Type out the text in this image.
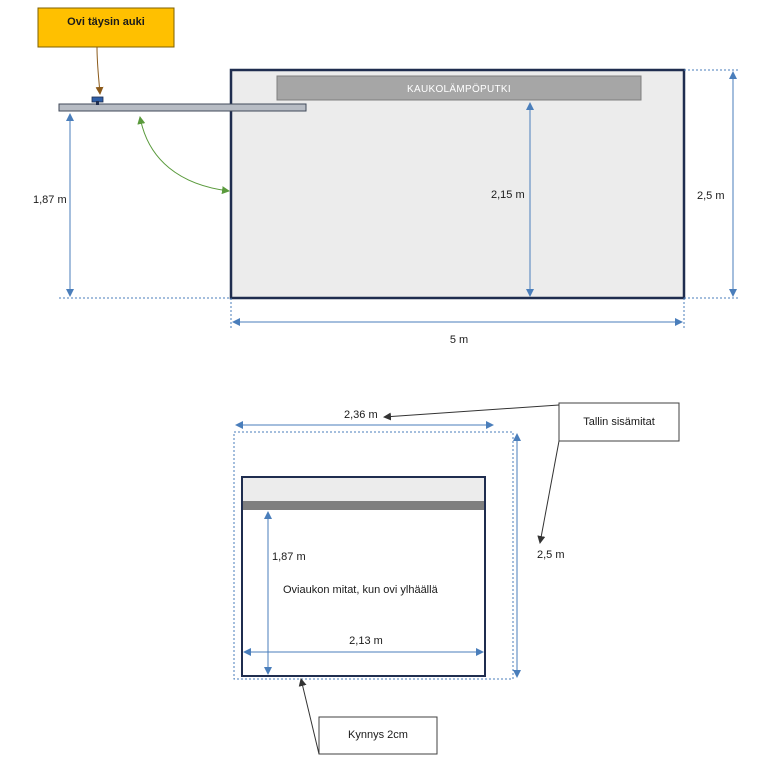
Ovi täysin auki
KAUKOLÄMPÖPUTKI
1,87 m	2,15 m	2,5 m
5 m
2,36 m
2,5 m
1,87 m
Oviaukon mitat, kun ovi ylhäällä
2,13 m
Tallin sisämitat
Kynnys 2cm
